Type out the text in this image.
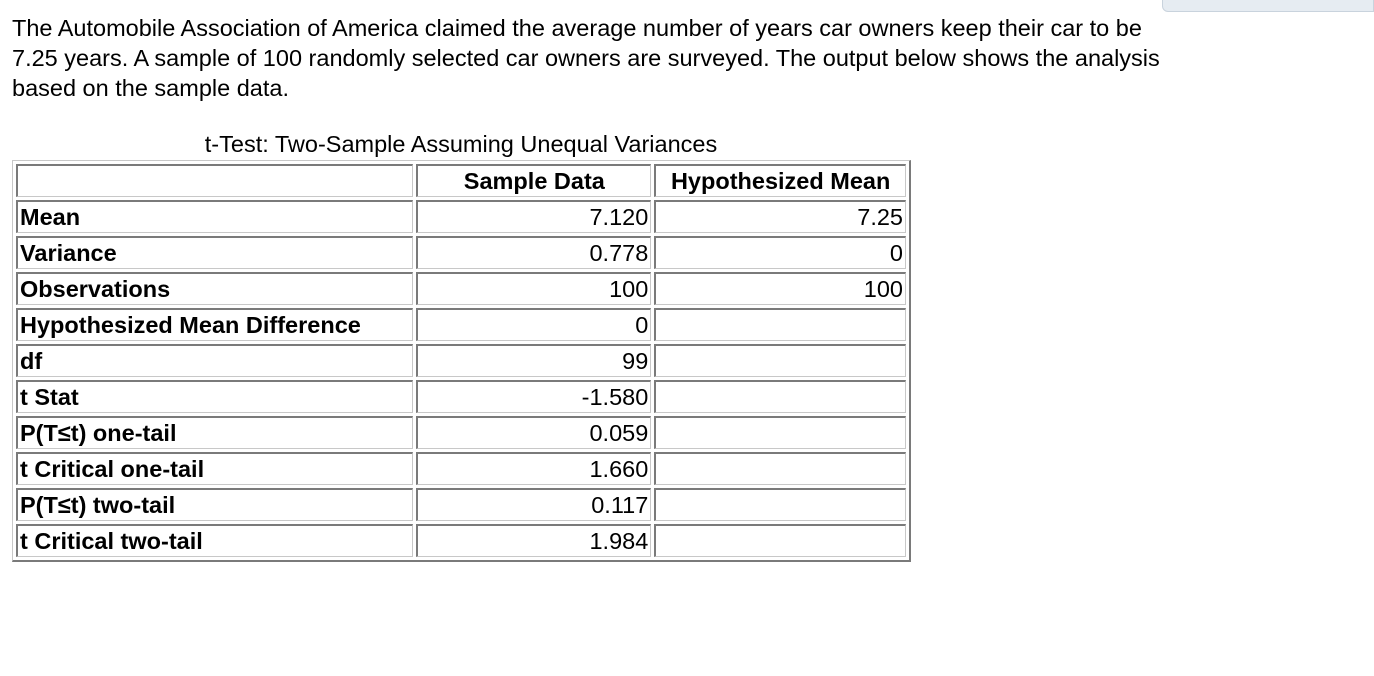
The Automobile Association of America claimed the average number of years car owners keep their car to be 7.25 years. A sample of 100 randomly selected car owners are surveyed. The output below shows the analysis based on the sample data.

t-Test: Two-Sample Assuming Unequal Variances
	Sample Data	Hypothesized Mean
Mean	7.120	7.25
Variance	0.778	0
Observations	100	100
Hypothesized Mean Difference	0	
df	99	
t Stat	-1.580	
P(T≤t) one-tail	0.059	
t Critical one-tail	1.660	
P(T≤t) two-tail	0.117	
t Critical two-tail	1.984	
